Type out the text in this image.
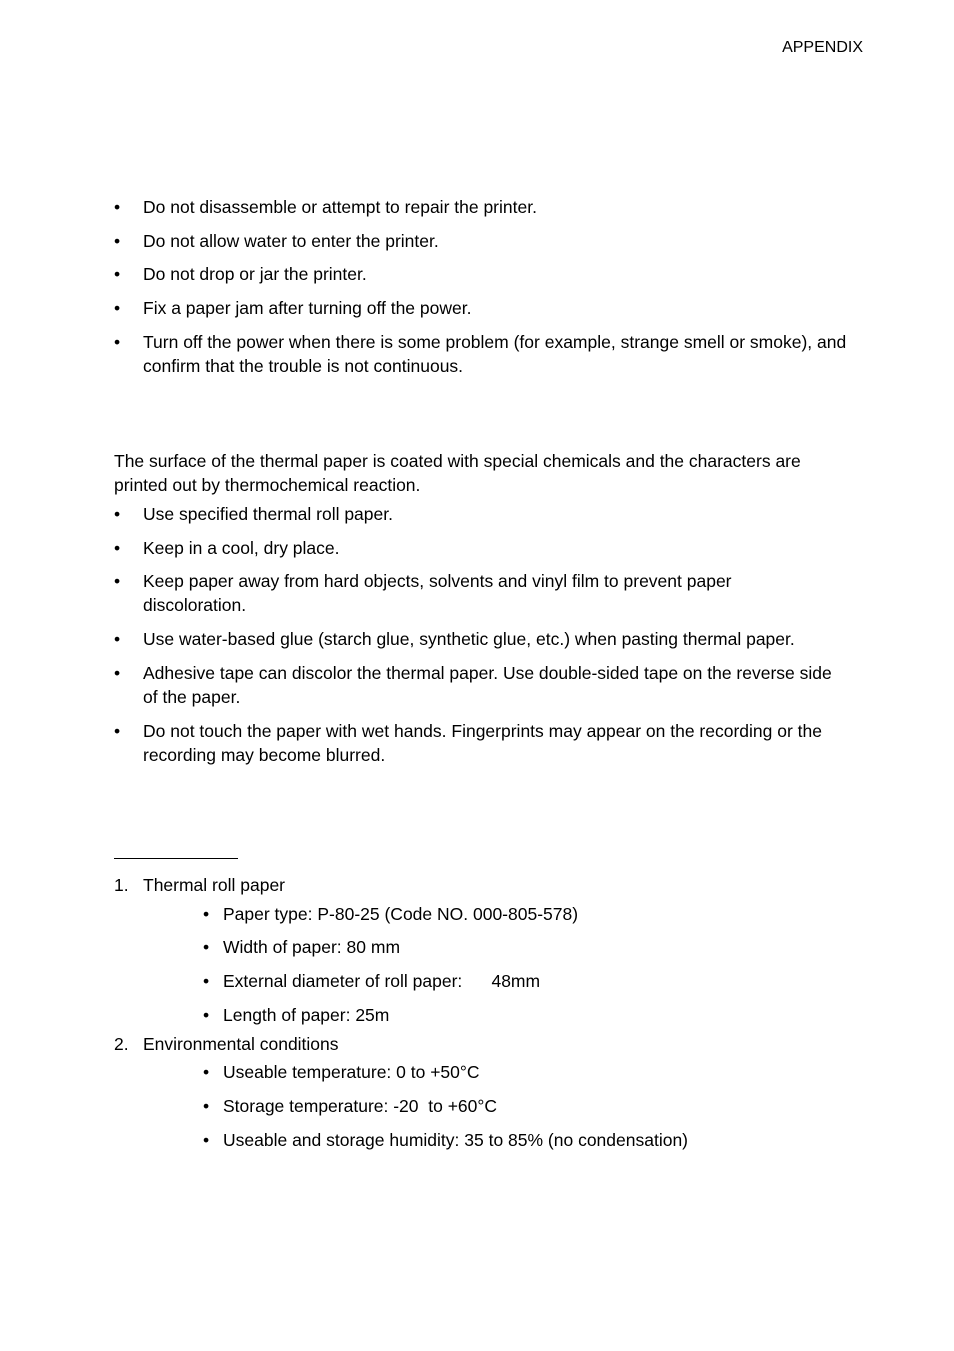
APPENDIX
•	Do not disassemble or attempt to repair the printer.
•	Do not allow water to enter the printer.
•	Do not drop or jar the printer.
•	Fix a paper jam after turning off the power.
•	Turn off the power when there is some problem (for example, strange smell or smoke), and confirm that the trouble is not continuous.
The surface of the thermal paper is coated with special chemicals and the characters are printed out by thermochemical reaction.
•	Use specified thermal roll paper.
•	Keep in a cool, dry place.
•	Keep paper away from hard objects, solvents and vinyl film to prevent paper discoloration.
•	Use water-based glue (starch glue, synthetic glue, etc.) when pasting thermal paper.
•	Adhesive tape can discolor the thermal paper. Use double-sided tape on the reverse side of the paper.
•	Do not touch the paper with wet hands. Fingerprints may appear on the recording or the recording may become blurred.
1. Thermal roll paper
• Paper type: P-80-25 (Code NO. 000-805-578)
• Width of paper: 80 mm
• External diameter of roll paper:      48mm
• Length of paper: 25m
2. Environmental conditions
• Useable temperature: 0 to +50°C
• Storage temperature: -20  to +60°C
• Useable and storage humidity: 35 to 85% (no condensation)
